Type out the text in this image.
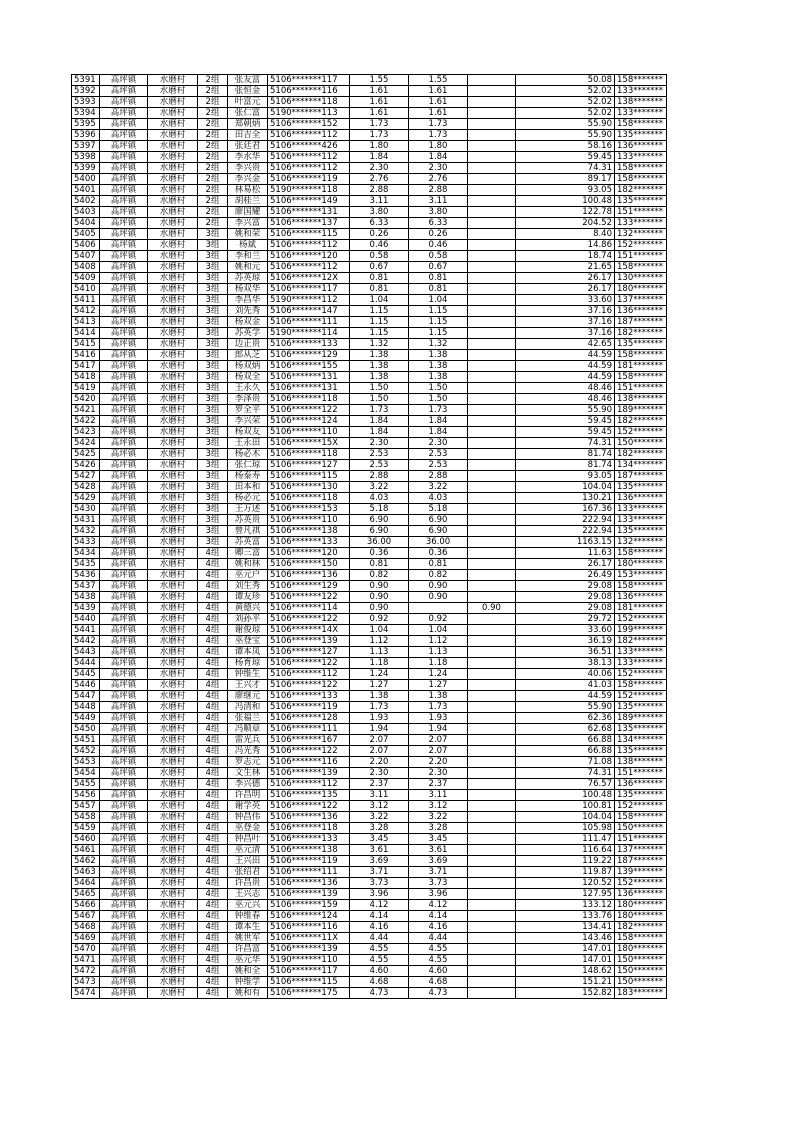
5391	高坪镇	水磨村	2组	张友富	5106*******117	1.55	1.55		50.08	158*******
5392	高坪镇	水磨村	2组	张恒金	5106*******116	1.61	1.61		52.02	133*******
5393	高坪镇	水磨村	2组	叶富元	5106*******118	1.61	1.61		52.02	138*******
5394	高坪镇	水磨村	2组	张仁富	5190*******113	1.61	1.61		52.02	133*******
5395	高坪镇	水磨村	2组	郑朝炳	5106*******152	1.73	1.73		55.90	158*******
5396	高坪镇	水磨村	2组	田吉全	5106*******112	1.73	1.73		55.90	135*******
5397	高坪镇	水磨村	2组	张廷君	5106*******426	1.80	1.80		58.16	136*******
5398	高坪镇	水磨村	2组	李水华	5106*******112	1.84	1.84		59.45	133*******
5399	高坪镇	水磨村	2组	李兴贵	5106*******112	2.30	2.30		74.31	158*******
5400	高坪镇	水磨村	2组	李兴金	5106*******119	2.76	2.76		89.17	158*******
5401	高坪镇	水磨村	2组	林易松	5190*******118	2.88	2.88		93.05	182*******
5402	高坪镇	水磨村	2组	胡桂兰	5106*******149	3.11	3.11		100.48	135*******
5403	高坪镇	水磨村	2组	廖国耀	5106*******131	3.80	3.80		122.78	151*******
5404	高坪镇	水磨村	2组	李兴富	5106*******137	6.33	6.33		204.52	133*******
5405	高坪镇	水磨村	3组	姚和荣	5106*******115	0.26	0.26		8.40	132*******
5406	高坪镇	水磨村	3组	杨斌	5106*******112	0.46	0.46		14.86	152*******
5407	高坪镇	水磨村	3组	李和兰	5106*******120	0.58	0.58		18.74	151*******
5408	高坪镇	水磨村	3组	姚和元	5106*******112	0.67	0.67		21.65	158*******
5409	高坪镇	水磨村	3组	苏英琼	5106*******12X	0.81	0.81		26.17	130*******
5410	高坪镇	水磨村	3组	杨双华	5106*******117	0.81	0.81		26.17	180*******
5411	高坪镇	水磨村	3组	李昌华	5190*******112	1.04	1.04		33.60	137*******
5412	高坪镇	水磨村	3组	刘先秀	5106*******147	1.15	1.15		37.16	136*******
5413	高坪镇	水磨村	3组	杨双金	5106*******111	1.15	1.15		37.16	187*******
5414	高坪镇	水磨村	3组	苏英学	5190*******114	1.15	1.15		37.16	182*******
5415	高坪镇	水磨村	3组	边正贵	5106*******133	1.32	1.32		42.65	135*******
5416	高坪镇	水磨村	3组	郎从芝	5106*******129	1.38	1.38		44.59	158*******
5417	高坪镇	水磨村	3组	杨双炳	5106*******155	1.38	1.38		44.59	181*******
5418	高坪镇	水磨村	3组	杨双全	5106*******131	1.38	1.38		44.59	158*******
5419	高坪镇	水磨村	3组	王永久	5106*******131	1.50	1.50		48.46	151*******
5420	高坪镇	水磨村	3组	李泽贵	5106*******118	1.50	1.50		48.46	138*******
5421	高坪镇	水磨村	3组	罗全平	5106*******122	1.73	1.73		55.90	189*******
5422	高坪镇	水磨村	3组	李兴荣	5106*******124	1.84	1.84		59.45	182*******
5423	高坪镇	水磨村	3组	杨双友	5106*******110	1.84	1.84		59.45	152*******
5424	高坪镇	水磨村	3组	王永田	5106*******15X	2.30	2.30		74.31	150*******
5425	高坪镇	水磨村	3组	杨必木	5106*******118	2.53	2.53		81.74	182*******
5426	高坪镇	水磨村	3组	张仁琼	5106*******127	2.53	2.53		81.74	134*******
5427	高坪镇	水磨村	3组	杨泰寿	5106*******115	2.88	2.88		93.05	187*******
5428	高坪镇	水磨村	3组	田本和	5106*******130	3.22	3.22		104.04	135*******
5429	高坪镇	水磨村	3组	杨必元	5106*******118	4.03	4.03		130.21	136*******
5430	高坪镇	水磨村	3组	王万述	5106*******153	5.18	5.18		167.36	133*******
5431	高坪镇	水磨村	3组	苏英贵	5106*******110	6.90	6.90		222.94	133*******
5432	高坪镇	水磨村	3组	曾凡祺	5106*******138	6.90	6.90		222.94	135*******
5433	高坪镇	水磨村	3组	苏英富	5106*******133	36.00	36.00		1163.15	132*******
5434	高坪镇	水磨村	4组	卿三富	5106*******120	0.36	0.36		11.63	158*******
5435	高坪镇	水磨村	4组	姚和林	5106*******150	0.81	0.81		26.17	180*******
5436	高坪镇	水磨村	4组	巫元户	5106*******136	0.82	0.82		26.49	153*******
5437	高坪镇	水磨村	4组	刘生秀	5106*******129	0.90	0.90		29.08	158*******
5438	高坪镇	水磨村	4组	谭友珍	5106*******122	0.90	0.90		29.08	136*******
5439	高坪镇	水磨村	4组	黄德兴	5106*******114	0.90		0.90	29.08	181*******
5440	高坪镇	水磨村	4组	刘孙平	5106*******122	0.92	0.92		29.72	152*******
5441	高坪镇	水磨村	4组	谢俊琼	5106*******14X	1.04	1.04		33.60	199*******
5442	高坪镇	水磨村	4组	巫登宝	5106*******139	1.12	1.12		36.19	182*******
5443	高坪镇	水磨村	4组	谭本凤	5106*******127	1.13	1.13		36.51	133*******
5444	高坪镇	水磨村	4组	杨育琼	5106*******122	1.18	1.18		38.13	133*******
5445	高坪镇	水磨村	4组	钟维生	5106*******112	1.24	1.24		40.06	152*******
5446	高坪镇	水磨村	4组	王兴才	5106*******122	1.27	1.27		41.03	158*******
5447	高坪镇	水磨村	4组	廖继元	5106*******133	1.38	1.38		44.59	152*******
5448	高坪镇	水磨村	4组	冯清和	5106*******119	1.73	1.73		55.90	135*******
5449	高坪镇	水磨村	4组	张福兰	5106*******128	1.93	1.93		62.36	189*******
5450	高坪镇	水磨村	4组	冯顺章	5106*******111	1.94	1.94		62.68	135*******
5451	高坪镇	水磨村	4组	雷光兵	5106*******167	2.07	2.07		66.88	134*******
5452	高坪镇	水磨村	4组	冯光秀	5106*******122	2.07	2.07		66.88	135*******
5453	高坪镇	水磨村	4组	罗志元	5106*******116	2.20	2.20		71.08	138*******
5454	高坪镇	水磨村	4组	文生林	5106*******139	2.30	2.30		74.31	151*******
5455	高坪镇	水磨村	4组	李兴德	5106*******112	2.37	2.37		76.57	136*******
5456	高坪镇	水磨村	4组	许昌明	5106*******135	3.11	3.11		100.48	135*******
5457	高坪镇	水磨村	4组	谢学英	5106*******122	3.12	3.12		100.81	152*******
5458	高坪镇	水磨村	4组	钟昌伟	5106*******136	3.22	3.22		104.04	158*******
5459	高坪镇	水磨村	4组	巫登金	5106*******118	3.28	3.28		105.98	150*******
5460	高坪镇	水磨村	4组	钟昌叶	5106*******133	3.45	3.45		111.47	151*******
5461	高坪镇	水磨村	4组	巫元清	5106*******138	3.61	3.61		116.64	137*******
5462	高坪镇	水磨村	4组	王兴田	5106*******119	3.69	3.69		119.22	187*******
5463	高坪镇	水磨村	4组	张绍君	5106*******111	3.71	3.71		119.87	139*******
5464	高坪镇	水磨村	4组	许昌贵	5106*******136	3.73	3.73		120.52	152*******
5465	高坪镇	水磨村	4组	王兴志	5106*******139	3.96	3.96		127.95	136*******
5466	高坪镇	水磨村	4组	巫元兴	5106*******159	4.12	4.12		133.12	180*******
5467	高坪镇	水磨村	4组	钟维春	5106*******124	4.14	4.14		133.76	180*******
5468	高坪镇	水磨村	4组	谭本生	5106*******116	4.16	4.16		134.41	182*******
5469	高坪镇	水磨村	4组	姚世军	5106*******11X	4.44	4.44		143.46	158*******
5470	高坪镇	水磨村	4组	许昌富	5106*******139	4.55	4.55		147.01	180*******
5471	高坪镇	水磨村	4组	巫元华	5190*******110	4.55	4.55		147.01	150*******
5472	高坪镇	水磨村	4组	姚和全	5106*******117	4.60	4.60		148.62	150*******
5473	高坪镇	水磨村	4组	钟维学	5106*******115	4.68	4.68		151.21	150*******
5474	高坪镇	水磨村	4组	姚和有	5106*******175	4.73	4.73		152.82	183*******
